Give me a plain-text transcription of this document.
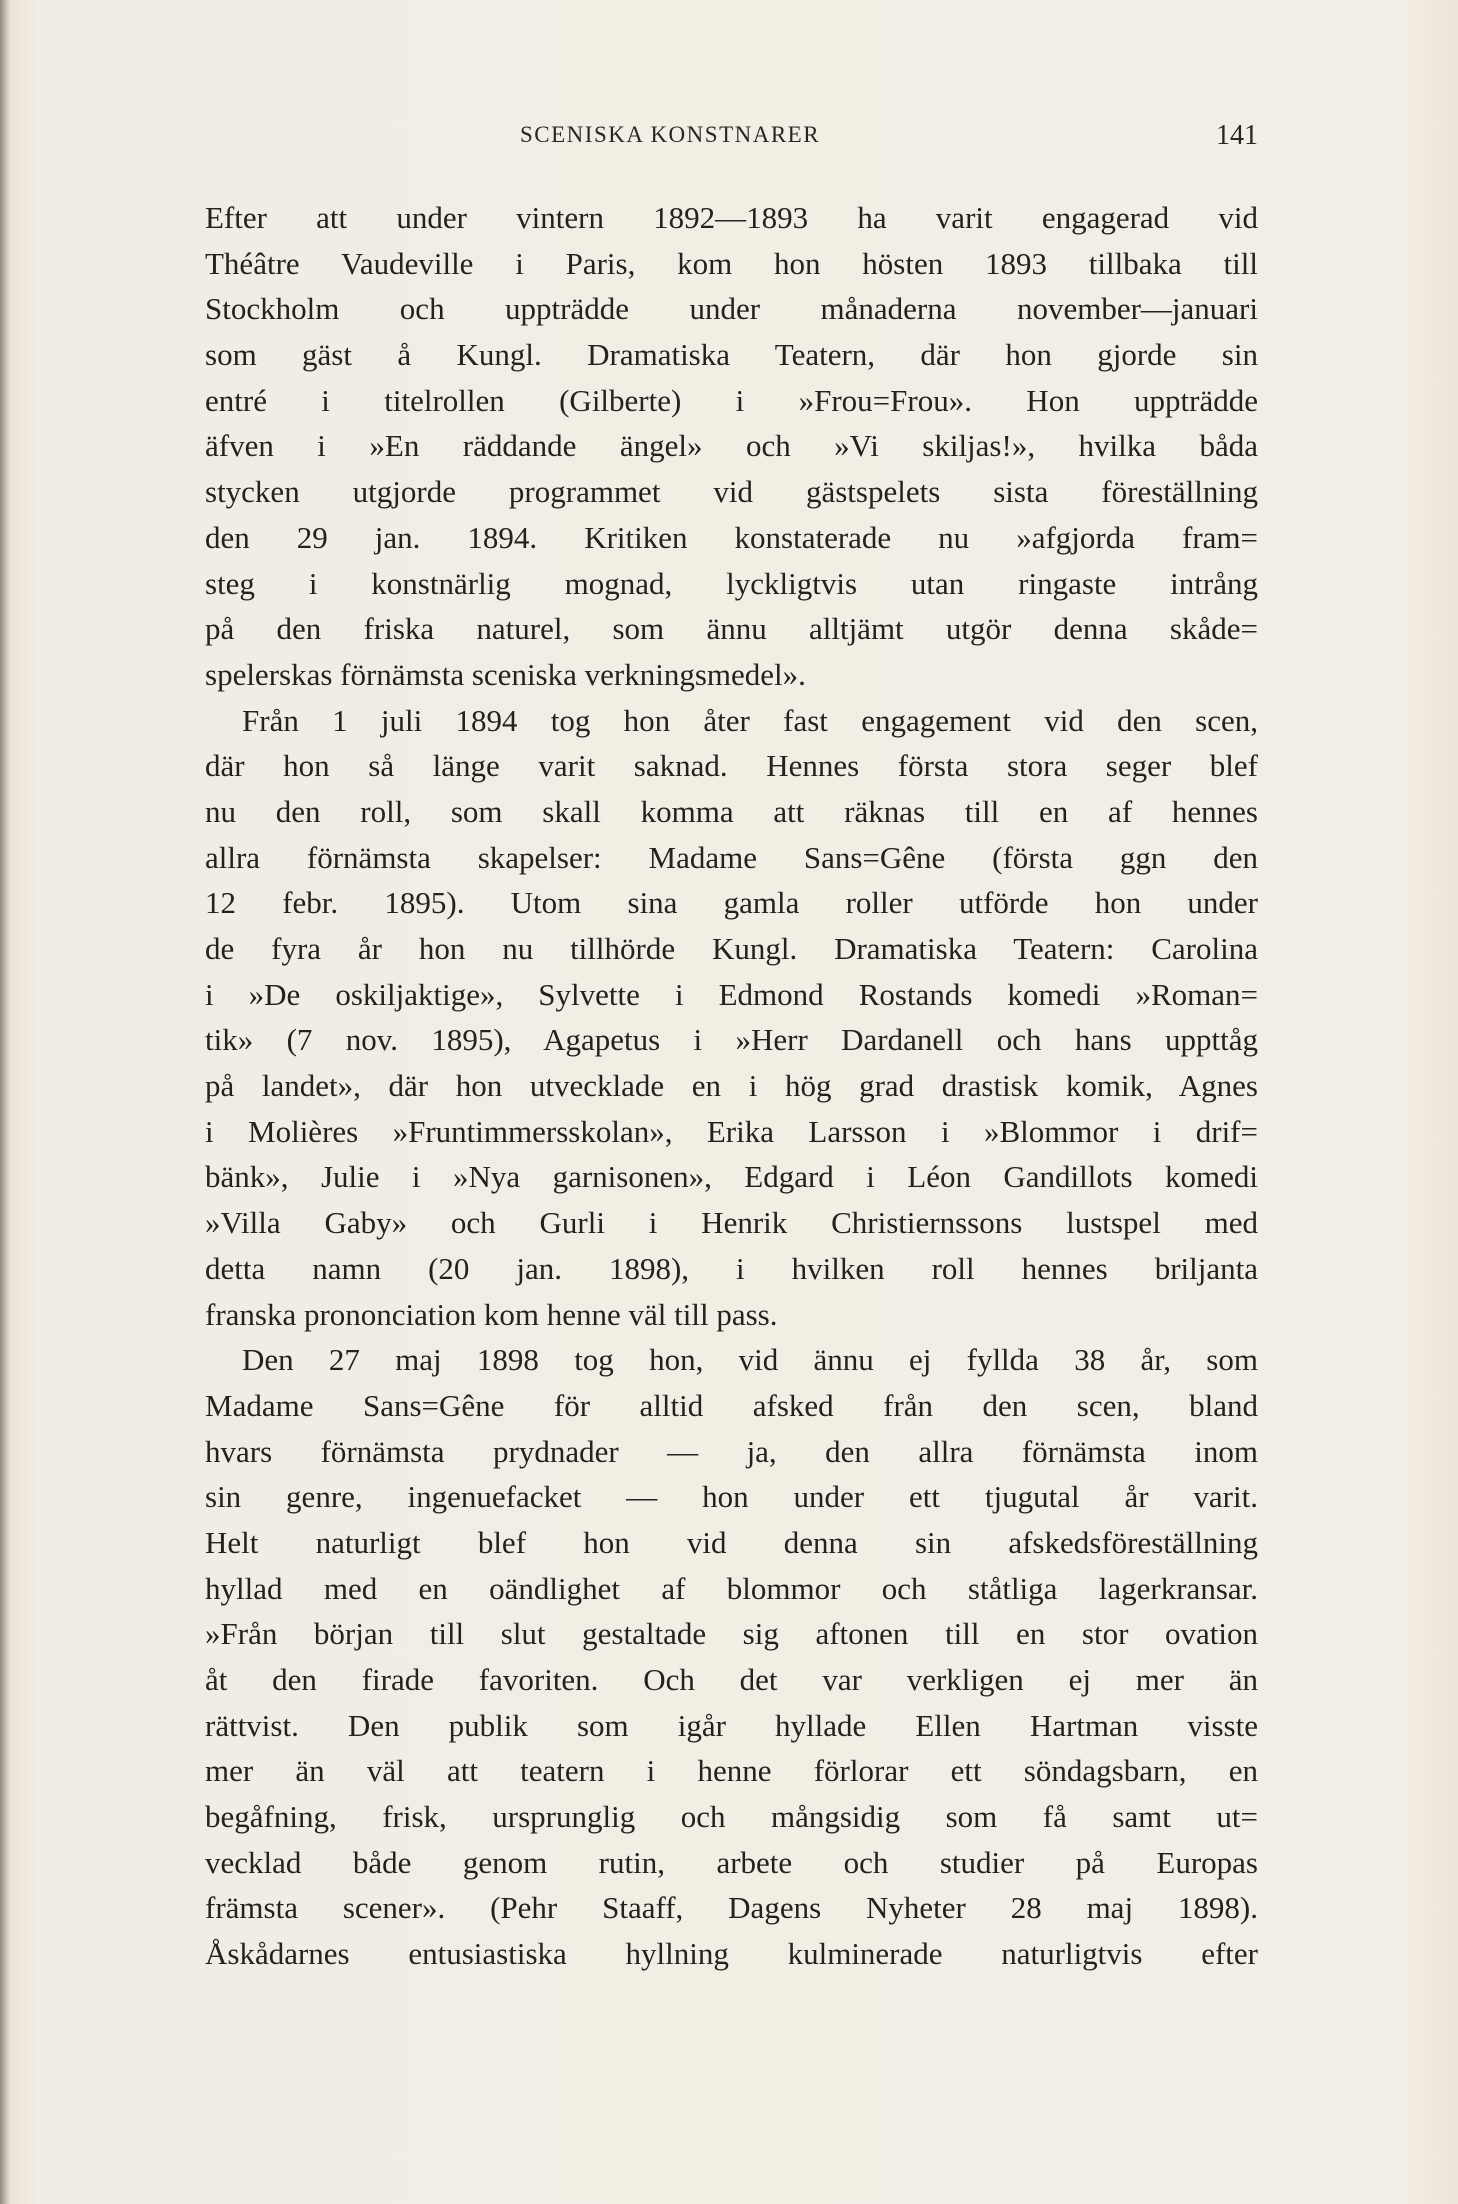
SCENISKA KONSTNARER	141
Efter att under vintern 1892—1893 ha varit engagerad vid
Théâtre Vaudeville i Paris, kom hon hösten 1893 tillbaka till
Stockholm och uppträdde under månaderna november—januari
som gäst å Kungl. Dramatiska Teatern, där hon gjorde sin
entré i titelrollen (Gilberte) i »Frou=Frou». Hon uppträdde
äfven i »En räddande ängel» och »Vi skiljas!», hvilka båda
stycken utgjorde programmet vid gästspelets sista föreställning
den 29 jan. 1894. Kritiken konstaterade nu »afgjorda fram=
steg i konstnärlig mognad, lyckligtvis utan ringaste intrång
på den friska naturel, som ännu alltjämt utgör denna skåde=
spelerskas förnämsta sceniska verkningsmedel».
Från 1 juli 1894 tog hon åter fast engagement vid den scen,
där hon så länge varit saknad. Hennes första stora seger blef
nu den roll, som skall komma att räknas till en af hennes
allra förnämsta skapelser: Madame Sans=Gêne (första ggn den
12 febr. 1895). Utom sina gamla roller utförde hon under
de fyra år hon nu tillhörde Kungl. Dramatiska Teatern: Carolina
i »De oskiljaktige», Sylvette i Edmond Rostands komedi »Roman=
tik» (7 nov. 1895), Agapetus i »Herr Dardanell och hans uppttåg
på landet», där hon utvecklade en i hög grad drastisk komik, Agnes
i Molières »Fruntimmersskolan», Erika Larsson i »Blommor i drif=
bänk», Julie i »Nya garnisonen», Edgard i Léon Gandillots komedi
»Villa Gaby» och Gurli i Henrik Christiernssons lustspel med
detta namn (20 jan. 1898), i hvilken roll hennes briljanta
franska prononciation kom henne väl till pass.
Den 27 maj 1898 tog hon, vid ännu ej fyllda 38 år, som
Madame Sans=Gêne för alltid afsked från den scen, bland
hvars förnämsta prydnader — ja, den allra förnämsta inom
sin genre, ingenuefacket — hon under ett tjugutal år varit.
Helt naturligt blef hon vid denna sin afskedsföreställning
hyllad med en oändlighet af blommor och ståtliga lagerkransar.
»Från början till slut gestaltade sig aftonen till en stor ovation
åt den firade favoriten. Och det var verkligen ej mer än
rättvist. Den publik som igår hyllade Ellen Hartman visste
mer än väl att teatern i henne förlorar ett söndagsbarn, en
begåfning, frisk, ursprunglig och mångsidig som få samt ut=
vecklad både genom rutin, arbete och studier på Europas
främsta scener». (Pehr Staaff, Dagens Nyheter 28 maj 1898).
Åskådarnes entusiastiska hyllning kulminerade naturligtvis efter
